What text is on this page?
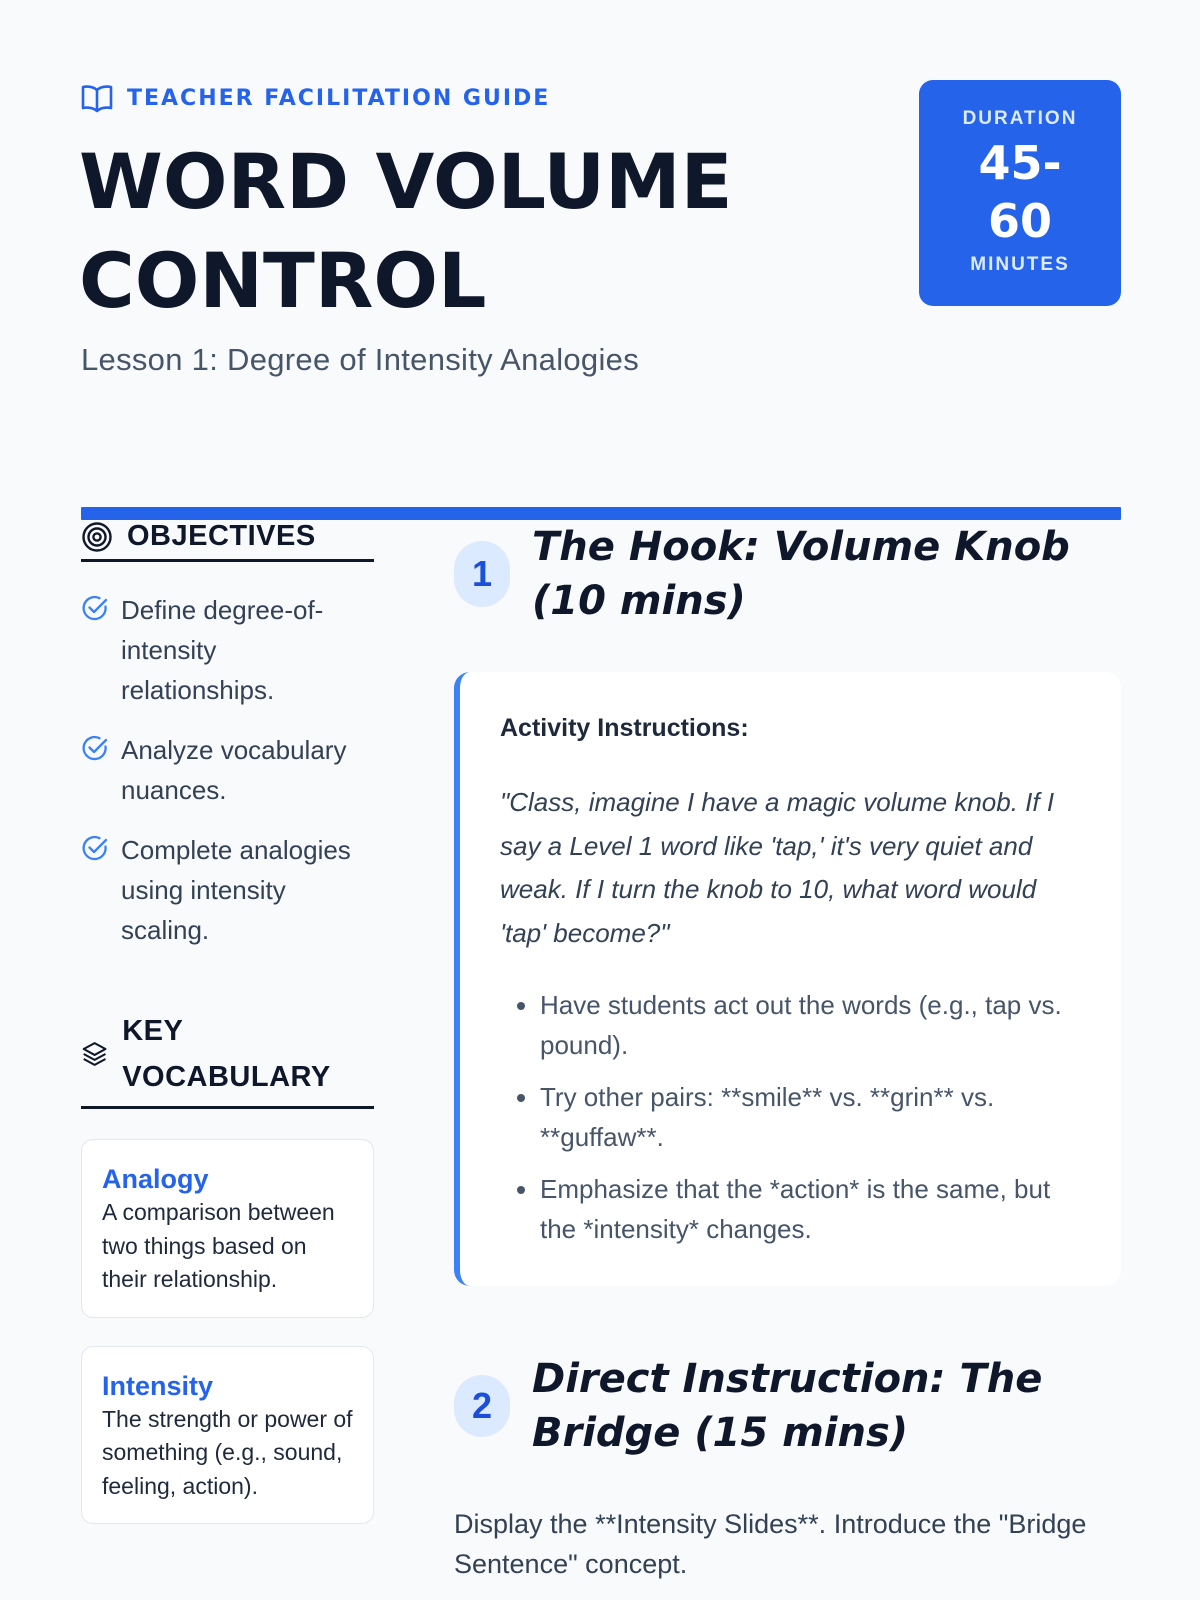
TEACHER FACILITATION GUIDE
WORD VOLUME
CONTROL
Lesson 1: Degree of Intensity Analogies
DURATION
45-
60
MINUTES
OBJECTIVES
Define degree-of-intensity relationships.
Analyze vocabulary nuances.
Complete analogies using intensity scaling.
KEY VOCABULARY
Analogy
A comparison between two things based on their relationship.
Intensity
The strength or power of something (e.g., sound, feeling, action).
1
The Hook: Volume Knob (10 mins)
Activity Instructions:

"Class, imagine I have a magic volume knob. If I say a Level 1 word like 'tap,' it's very quiet and weak. If I turn the knob to 10, what word would 'tap' become?"

• Have students act out the words (e.g., tap vs. pound).
• Try other pairs: **smile** vs. **grin** vs. **guffaw**.
• Emphasize that the *action* is the same, but the *intensity* changes.
2
Direct Instruction: The Bridge (15 mins)

Display the **Intensity Slides**. Introduce the "Bridge Sentence" concept.
